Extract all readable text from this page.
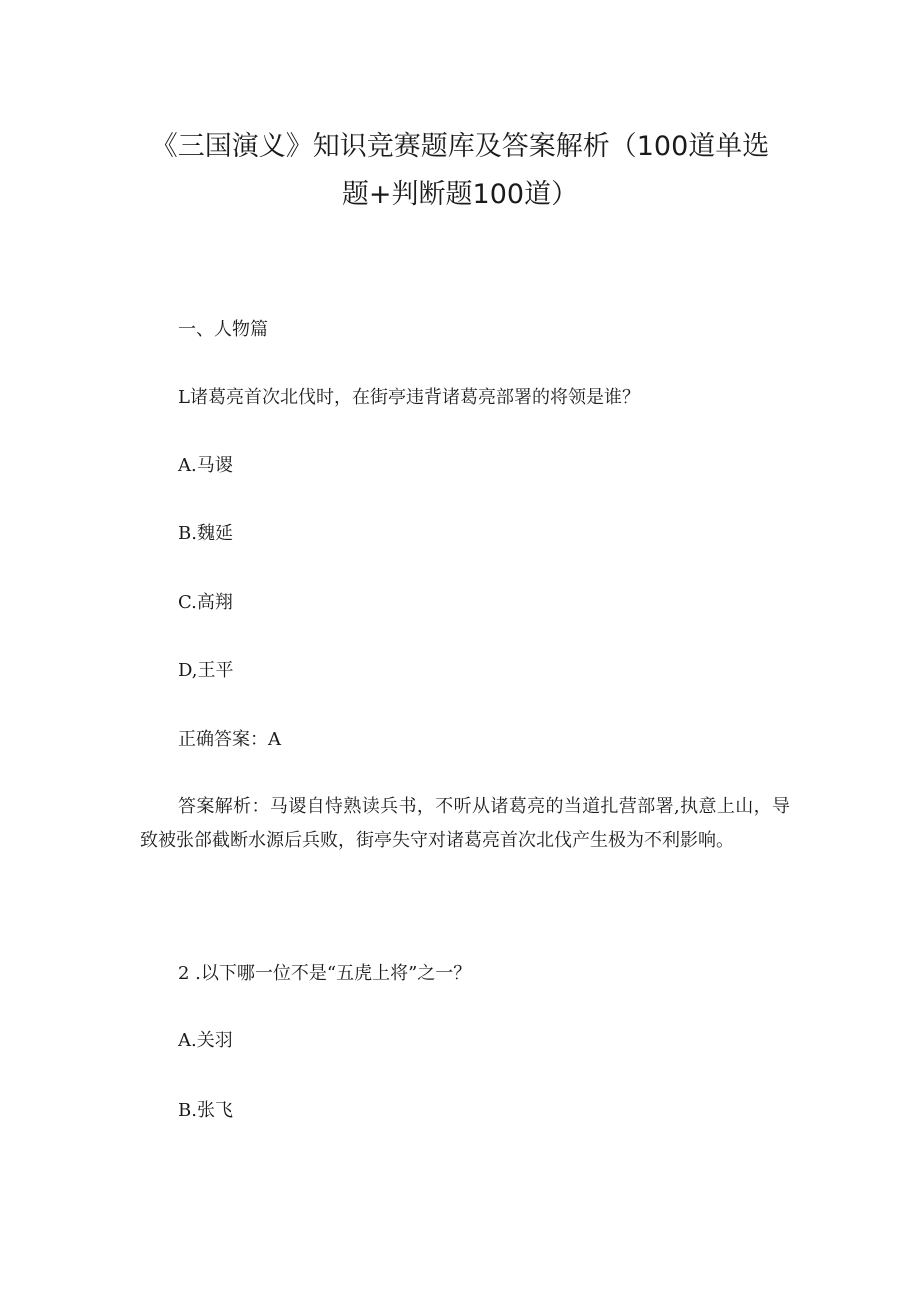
《三国演义》知识竞赛题库及答案解析（100道单选
题+判断题100道）
一、人物篇
L诸葛亮首次北伐时，在街亭违背诸葛亮部署的将领是谁？
A.马谡
B.魏延
C.高翔
D,王平
正确答案：A
答案解析：马谡自恃熟读兵书，不听从诸葛亮的当道扎营部署,执意上山，导致被张郃截断水源后兵败，街亭失守对诸葛亮首次北伐产生极为不利影响。
2 .以下哪一位不是“五虎上将”之一？
A.关羽
B.张飞
